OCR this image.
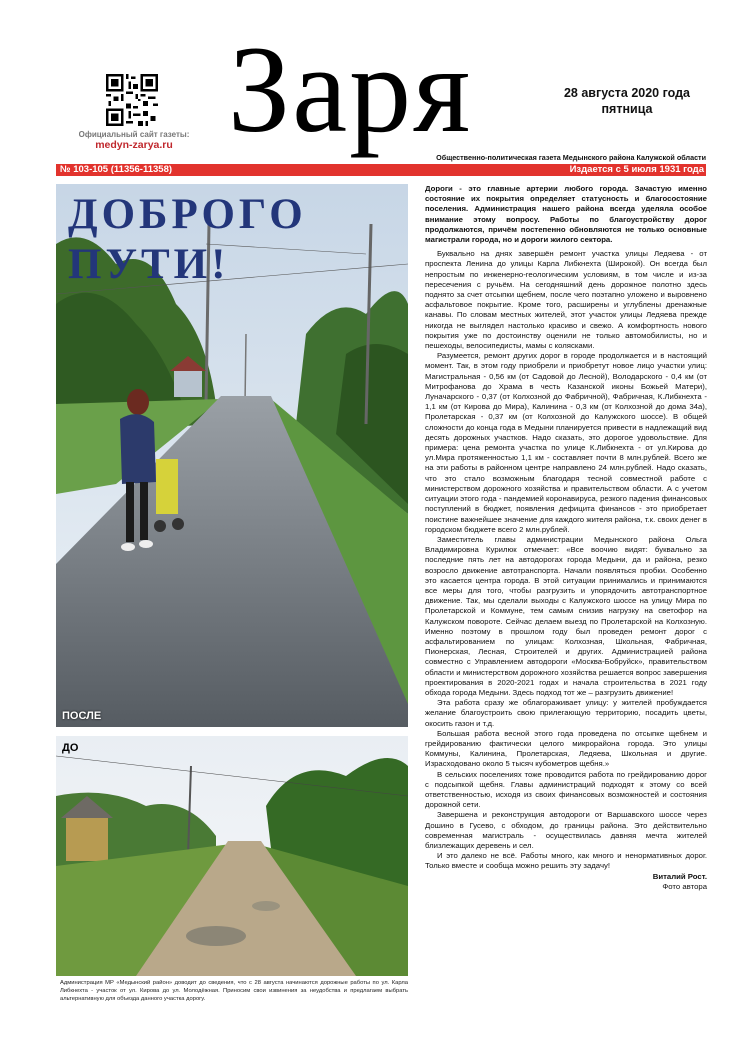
Официальный сайт газеты:
medyn-zarya.ru Заря	28 августа 2020 года
пятница
Общественно-политическая газета Медынского района Калужской области
№ 103-105 (11356-11358)	Издается с 5 июля 1931 года
ДОБРОГО
ПУТИ!
ПОСЛЕ
ДО
Администрация МР «Медынский район» доводит до сведения, что с 28 августа начинаются дорожные работы по ул. Карла Либкнехта - участок от ул. Кирова до ул. Молодёжная. Приносим свои извинения за неудобства и предлагаем выбрать альтернативную для объезда данного участка дорогу.

Дороги - это главные артерии любого города. Зачастую именно состояние их покрытия определяет статусность и благосостояние поселения. Администрация нашего района всегда уделяла особое внимание этому вопросу. Работы по благоустройству дорог продолжаются, причём постепенно обновляются не только основные магистрали города, но и дороги жилого сектора.

Буквально на днях завершён ремонт участка улицы Ледяева - от проспекта Ленина до улицы Карла Либкнехта (Широкой). Он всегда был непростым по инженерно-геологическим условиям, в том числе и из-за пересечения с ручьём. На сегодняшний день дорожное полотно здесь поднято за счет отсыпки щебнем, после чего поэтапно уложено и выровнено асфальтовое покрытие. Кроме того, расширены и углублены дренажные канавы. По словам местных жителей, этот участок улицы Ледяева прежде никогда не выглядел настолько красиво и свежо. А комфортность нового покрытия уже по достоинству оценили не только автомобилисты, но и пешеходы, велосипедисты, мамы с колясками.

Разумеется, ремонт других дорог в городе продолжается и в настоящий момент. Так, в этом году приобрели и приобретут новое лицо участки улиц: Магистральная - 0,56 км (от Садовой до Лесной), Володарского - 0,4 км (от Митрофанова до Храма в честь Казанской иконы Божьей Матери), Луначарского - 0,37 (от Колхозной до Фабричной), Фабричная, К.Либкнехта - 1,1 км (от Кирова до Мира), Калинина - 0,3 км (от Колхозной до дома 34а), Пролетарская - 0,37 км (от Колхозной до Калужского шоссе). В общей сложности до конца года в Медыни планируется привести в надлежащий вид десять дорожных участков. Надо сказать, это дорогое удовольствие. Для примера: цена ремонта участка по улице К.Либкнехта - от ул.Кирова до ул.Мира протяженностью 1,1 км - составляет почти 8 млн.рублей. Всего же на эти работы в районном центре направлено 24 млн.рублей. Надо сказать, что это стало возможным благодаря тесной совместной работе с министерством дорожного хозяйства и правительством области. А с учетом ситуации этого года - пандемией коронавируса, резкого падения финансовых поступлений в бюджет, появления дефицита финансов - это приобретает поистине важнейшее значение для каждого жителя района, т.к. своих денег в городском бюджете всего 2 млн.рублей.

Заместитель главы администрации Медынского района Ольга Владимировна Курилюк отмечает: «Все воочию видят: буквально за последние пять лет на автодорогах города Медыни, да и района, резко возросло движение автотранспорта. Начали появляться пробки. Особенно это касается центра города. В этой ситуации принимались и принимаются все меры для того, чтобы разгрузить и упорядочить автотранспортное движение. Так, мы сделали выходы с Калужского шоссе на улицу Мира по Пролетарской и Коммуне, тем самым снизив нагрузку на светофор на Калужском повороте. Сейчас делаем выезд по Пролетарской на Колхозную. Именно поэтому в прошлом году был проведен ремонт дорог с асфальтированием по улицам: Колхозная, Школьная, Фабричная, Пионерская, Лесная, Строителей и других. Администрацией района совместно с Управлением автодороги «Москва-Бобруйск», правительством области и министерством дорожного хозяйства решается вопрос завершения проектирования в 2020-2021 годах и начала строительства в 2021 году обхода города Медыни. Здесь подход тот же – разгрузить движение!

Эта работа сразу же облагораживает улицу: у жителей пробуждается желание благоустроить свою прилегающую территорию, посадить цветы, окосить газон и т.д.

Большая работа весной этого года проведена по отсыпке щебнем и грейдированию фактически целого микрорайона города. Это улицы Коммуны, Калинина, Пролетарская, Ледяева, Школьная и другие. Израсходовано около 5 тысяч кубометров щебня.»

В сельских поселениях тоже проводится работа по грейдированию дорог с подсыпкой щебня. Главы администраций подходят к этому со всей ответственностью, исходя из своих финансовых возможностей и состояния дорожной сети.

Завершена и реконструкция автодороги от Варшавского шоссе через Дошино в Гусево, с обходом, до границы района. Это действительно современная магистраль - осуществилась давняя мечта жителей близлежащих деревень и сел.

И это далеко не всё. Работы много, как много и ненормативных дорог. Только вместе и сообща можно решить эту задачу!

Виталий Рост.

Фото автора
